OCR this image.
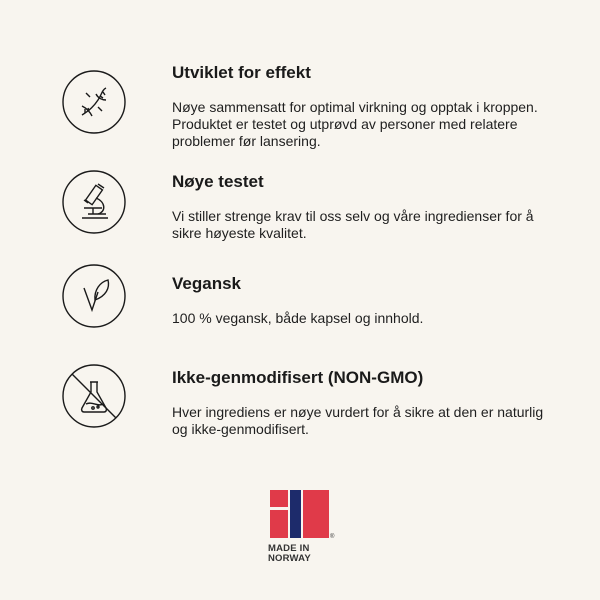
Utviklet for effekt

Nøye sammensatt for optimal virkning og opptak i kroppen. Produktet er testet og utprøvd av personer med relatere problemer før lansering.

Nøye testet

Vi stiller strenge krav til oss selv og våre ingredienser for å sikre høyeste kvalitet.

Vegansk

100 % vegansk, både kapsel og innhold.

Ikke-genmodifisert (NON-GMO)

Hver ingrediens er nøye vurdert for å sikre at den er naturlig og ikke-genmodifisert.

®
MADE IN
NORWAY
